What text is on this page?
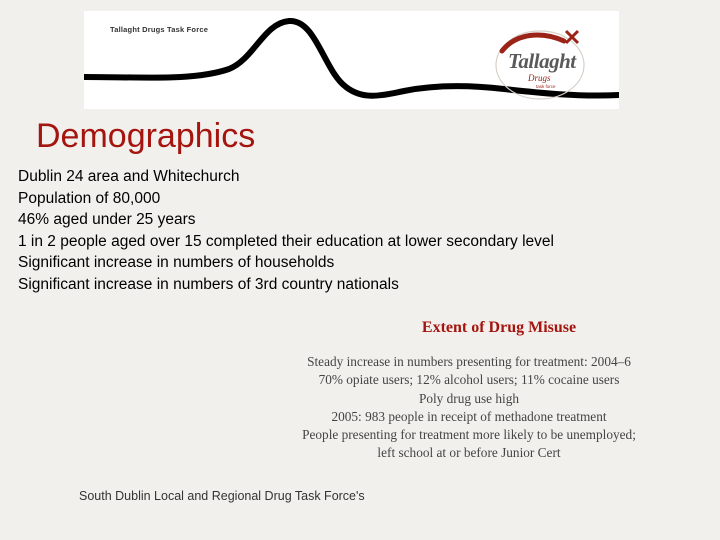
Tallaght Drugs Task Force
Tallaght
Drugs
task force
Demographics
Dublin 24 area and Whitechurch
Population of 80,000
46% aged under 25 years
1 in 2 people aged over 15 completed their education at lower secondary level
Significant increase in numbers of households
Significant increase in numbers of 3rd country nationals
Extent of Drug Misuse
Steady increase in numbers presenting for treatment: 2004–6
70% opiate users; 12% alcohol users; 11% cocaine users
Poly drug use high
2005: 983 people in receipt of methadone treatment
People presenting for treatment more likely to be unemployed;
left school at or before Junior Cert
South Dublin Local and Regional Drug Task Force's
